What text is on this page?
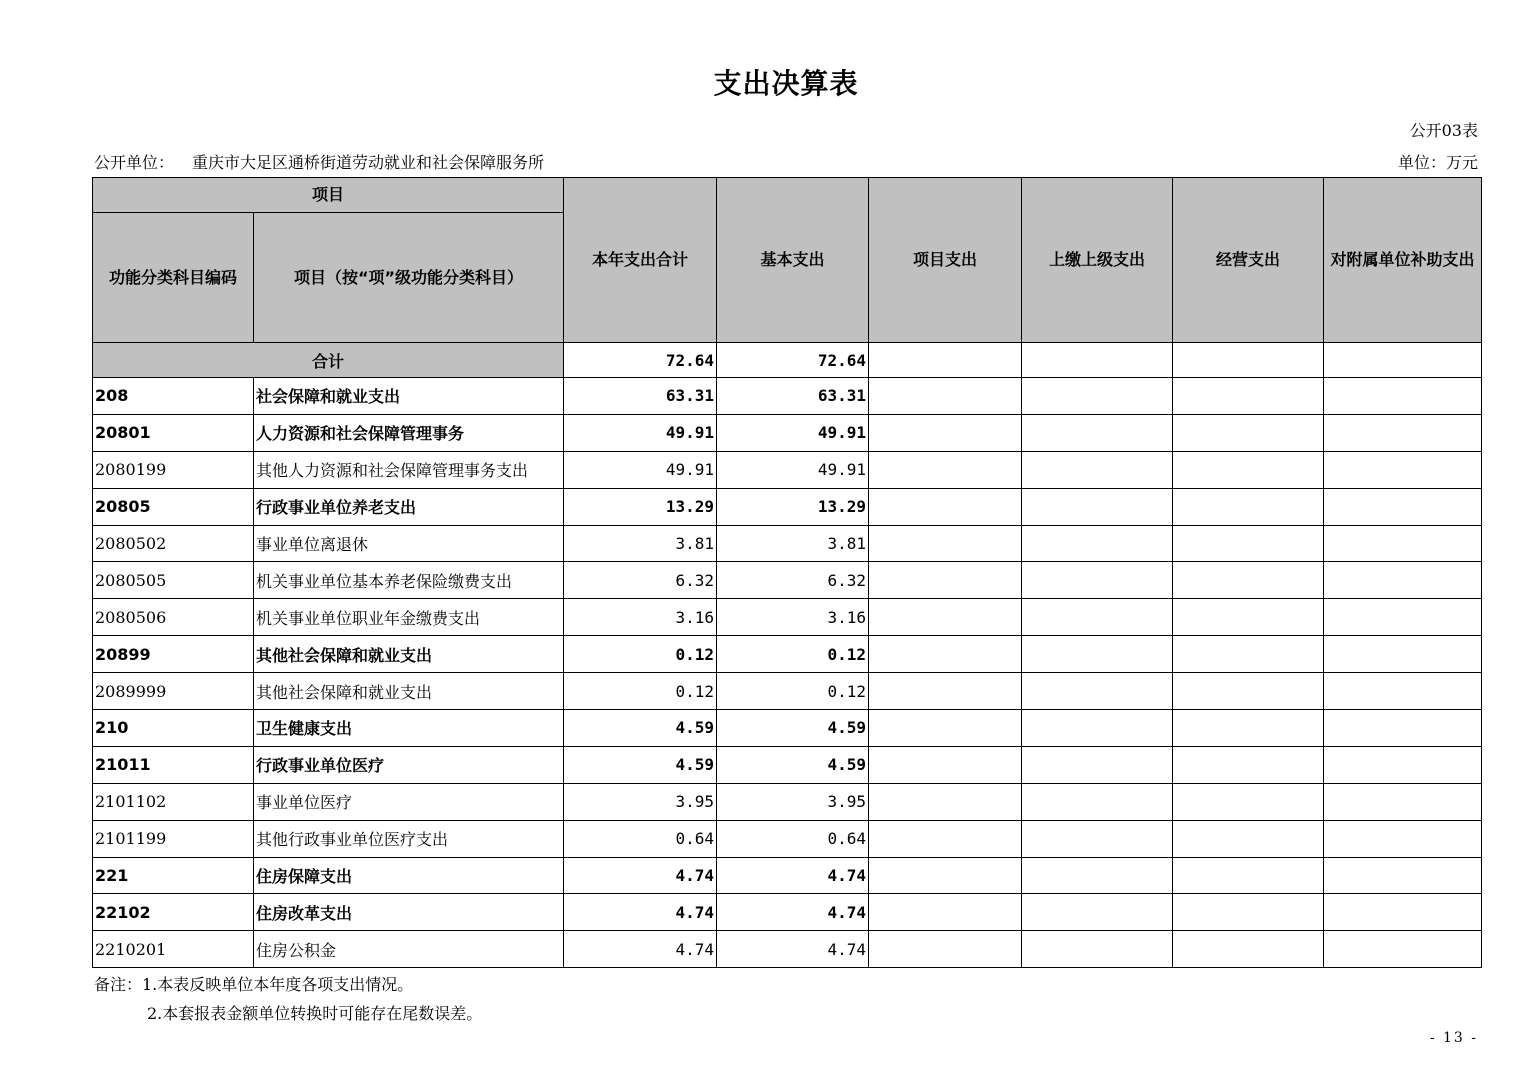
支出决算表
公开03表
公开单位： 重庆市大足区通桥街道劳动就业和社会保障服务所	单位：万元
项目		本年支出合计	基本支出	项目支出	上缴上级支出	经营支出	对附属单位补助支出
功能分类科目编码	项目（按“项”级功能分类科目）						
合计		72.64	72.64				
208	社会保障和就业支出	63.31	63.31				
20801	人力资源和社会保障管理事务	49.91	49.91				
2080199	其他人力资源和社会保障管理事务支出	49.91	49.91				
20805	行政事业单位养老支出	13.29	13.29				
2080502	事业单位离退休	3.81	3.81				
2080505	机关事业单位基本养老保险缴费支出	6.32	6.32				
2080506	机关事业单位职业年金缴费支出	3.16	3.16				
20899	其他社会保障和就业支出	0.12	0.12				
2089999	其他社会保障和就业支出	0.12	0.12				
210	卫生健康支出	4.59	4.59				
21011	行政事业单位医疗	4.59	4.59				
2101102	事业单位医疗	3.95	3.95				
2101199	其他行政事业单位医疗支出	0.64	0.64				
221	住房保障支出	4.74	4.74				
22102	住房改革支出	4.74	4.74				
2210201	住房公积金	4.74	4.74				
备注：1.本表反映单位本年度各项支出情况。
2.本套报表金额单位转换时可能存在尾数误差。
- 13 -
